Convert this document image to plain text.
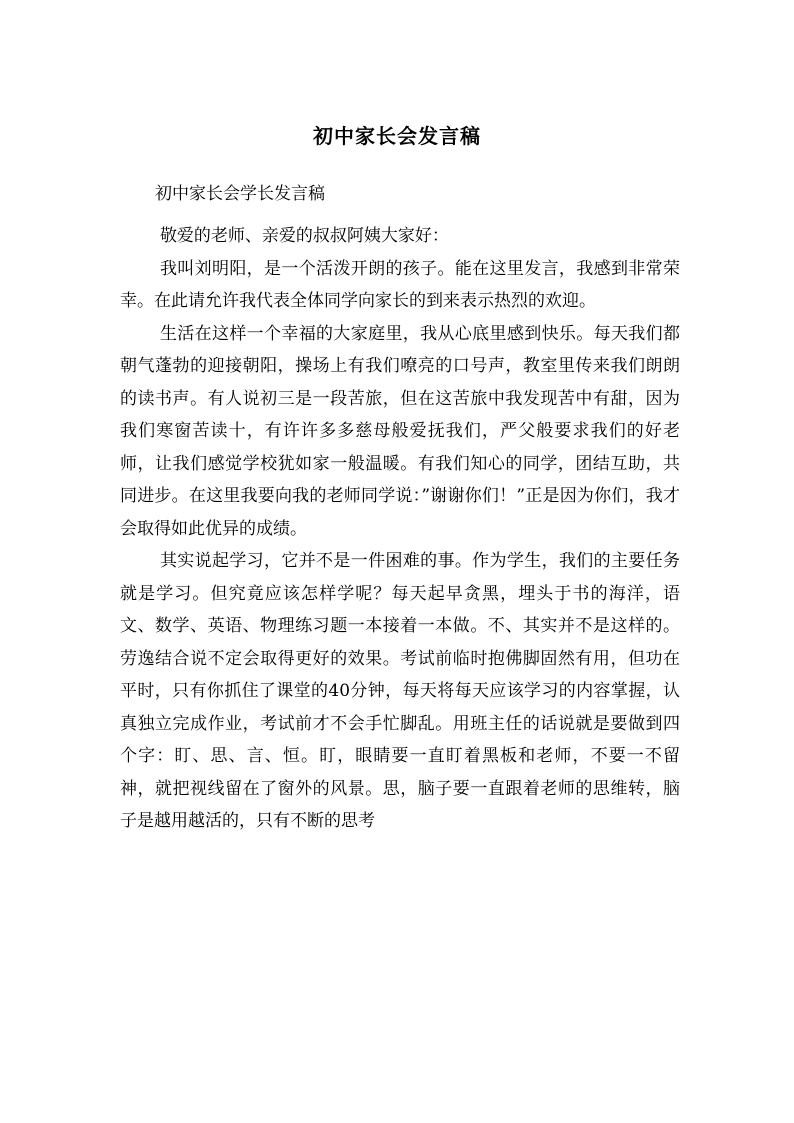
初中家长会发言稿
初中家长会学长发言稿

敬爱的老师、亲爱的叔叔阿姨大家好：

我叫刘明阳，是一个活泼开朗的孩子。能在这里发言，我感到非常荣幸。在此请允许我代表全体同学向家长的到来表示热烈的欢迎。

生活在这样一个幸福的大家庭里，我从心底里感到快乐。每天我们都朝气蓬勃的迎接朝阳，操场上有我们嘹亮的口号声，教室里传来我们朗朗的读书声。有人说初三是一段苦旅，但在这苦旅中我发现苦中有甜，因为我们寒窗苦读十，有许许多多慈母般爱抚我们，严父般要求我们的好老师，让我们感觉学校犹如家一般温暖。有我们知心的同学，团结互助，共同进步。在这里我要向我的老师同学说：”谢谢你们！”正是因为你们，我才会取得如此优异的成绩。

其实说起学习，它并不是一件困难的事。作为学生，我们的主要任务就是学习。但究竟应该怎样学呢？每天起早贪黑，埋头于书的海洋，语文、数学、英语、物理练习题一本接着一本做。不、其实并不是这样的。劳逸结合说不定会取得更好的效果。考试前临时抱佛脚固然有用，但功在平时，只有你抓住了课堂的40分钟，每天将每天应该学习的内容掌握，认真独立完成作业，考试前才不会手忙脚乱。用班主任的话说就是要做到四个字：盯、思、言、恒。盯，眼睛要一直盯着黑板和老师，不要一不留神，就把视线留在了窗外的风景。思，脑子要一直跟着老师的思维转，脑子是越用越活的，只有不断的思考
